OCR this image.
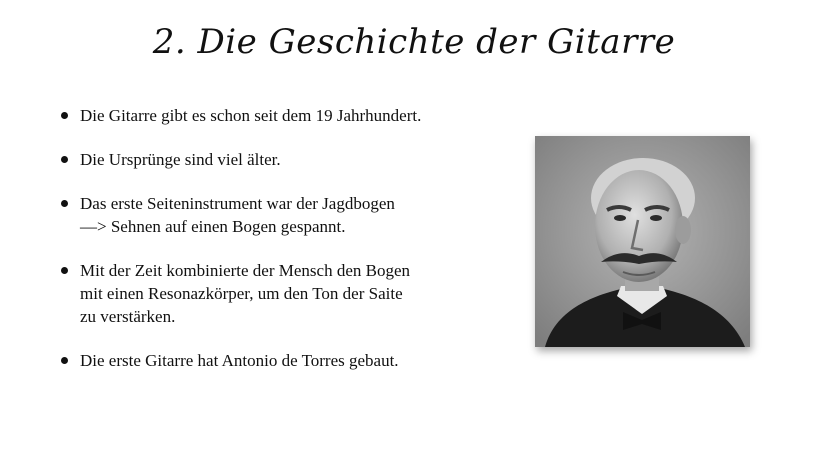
2. Die Geschichte der Gitarre
Die Gitarre gibt es schon seit dem 19 Jahrhundert.
Die Ursprünge sind viel älter.
Das erste Seiteninstrument war der Jagdbogen
—> Sehnen auf einen Bogen gespannt.
Mit der Zeit kombinierte der Mensch den Bogen
mit einen Resonazkörper, um den Ton der Saite
zu verstärken.
Die erste Gitarre hat Antonio de Torres gebaut.
